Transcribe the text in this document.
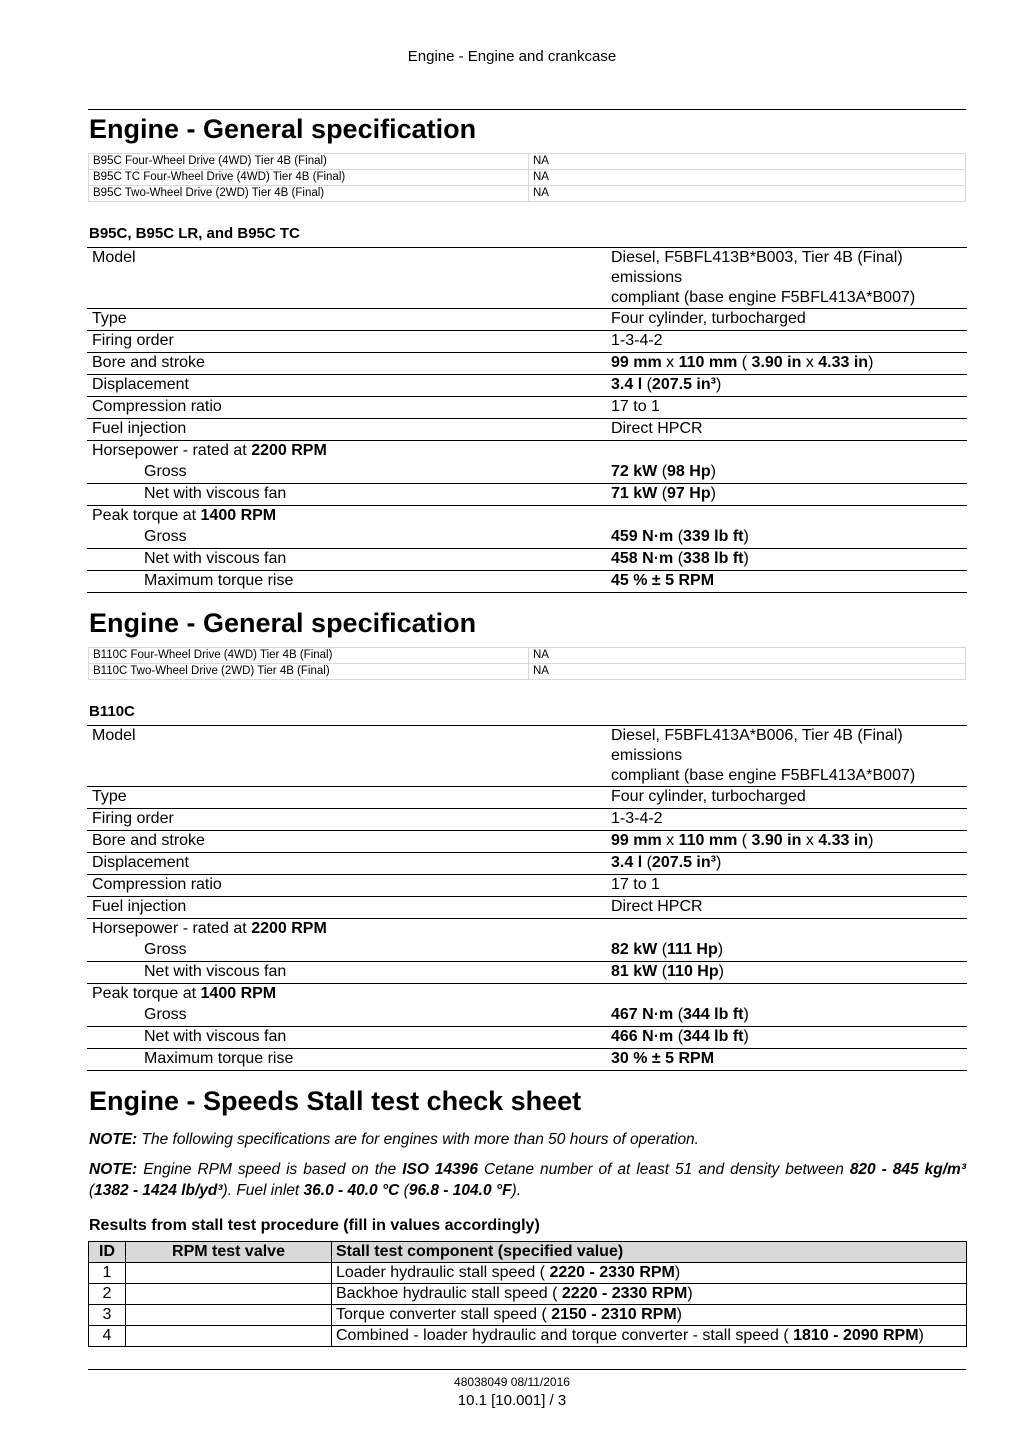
Engine - Engine and crankcase
Engine - General specification
B95C Four-Wheel Drive (4WD) Tier 4B (Final)	NA
B95C TC Four-Wheel Drive (4WD) Tier 4B (Final)	NA
B95C Two-Wheel Drive (2WD) Tier 4B (Final)	NA
B95C, B95C LR, and B95C TC
Model	Diesel, F5BFL413B*B003, Tier 4B (Final) emissions
compliant (base engine F5BFL413A*B007)
Type	Four cylinder, turbocharged
Firing order	1-3-4-2
Bore and stroke	99 mm x 110 mm ( 3.90 in x 4.33 in)
Displacement	3.4 l (207.5 in³)
Compression ratio	17 to 1
Fuel injection	Direct HPCR
Horsepower - rated at 2200 RPM	
Gross	72 kW (98 Hp)
Net with viscous fan	71 kW (97 Hp)
Peak torque at 1400 RPM	
Gross	459 N·m (339 lb ft)
Net with viscous fan	458 N·m (338 lb ft)
Maximum torque rise	45 % ± 5 RPM
Engine - General specification
B110C Four-Wheel Drive (4WD) Tier 4B (Final)	NA
B110C Two-Wheel Drive (2WD) Tier 4B (Final)	NA
B110C
Model	Diesel, F5BFL413A*B006, Tier 4B (Final) emissions
compliant (base engine F5BFL413A*B007)
Type	Four cylinder, turbocharged
Firing order	1-3-4-2
Bore and stroke	99 mm x 110 mm ( 3.90 in x 4.33 in)
Displacement	3.4 l (207.5 in³)
Compression ratio	17 to 1
Fuel injection	Direct HPCR
Horsepower - rated at 2200 RPM	
Gross	82 kW (111 Hp)
Net with viscous fan	81 kW (110 Hp)
Peak torque at 1400 RPM	
Gross	467 N·m (344 lb ft)
Net with viscous fan	466 N·m (344 lb ft)
Maximum torque rise	30 % ± 5 RPM
Engine - Speeds Stall test check sheet
NOTE: The following specifications are for engines with more than 50 hours of operation.
NOTE: Engine RPM speed is based on the ISO 14396 Cetane number of at least 51 and density between 820 - 845 kg/m³ (1382 - 1424 lb/yd³). Fuel inlet 36.0 - 40.0 °C (96.8 - 104.0 °F).
Results from stall test procedure (fill in values accordingly)
ID	RPM test valve	Stall test component (specified value)
1		Loader hydraulic stall speed ( 2220 - 2330 RPM)
2		Backhoe hydraulic stall speed ( 2220 - 2330 RPM)
3		Torque converter stall speed ( 2150 - 2310 RPM)
4		Combined - loader hydraulic and torque converter - stall speed ( 1810 - 2090 RPM)
48038049 08/11/2016
10.1 [10.001] / 3
